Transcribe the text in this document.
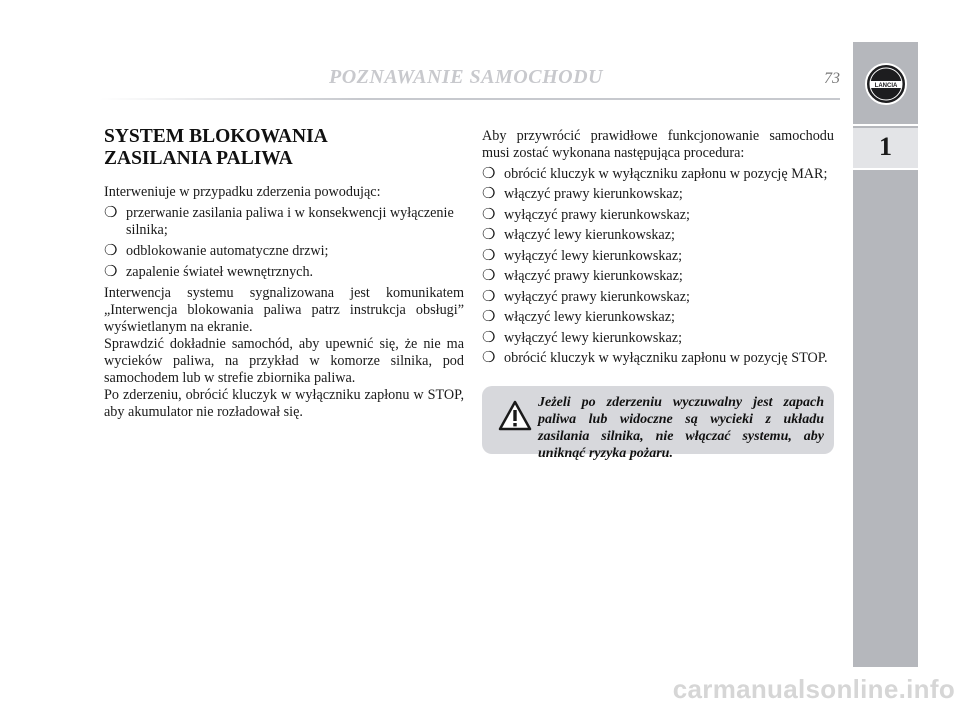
POZNAWANIE SAMOCHODU	73	LANCIA
1
SYSTEM BLOKOWANIA
ZASILANIA PALIWA
Interweniuje w przypadku zderzenia powodując:
❍ przerwanie zasilania paliwa i w konsekwencji wyłączenie silnika;
❍ odblokowanie automatyczne drzwi;
❍ zapalenie świateł wewnętrznych.
Interwencja systemu sygnalizowana jest komunikatem „Interwencja blokowania paliwa patrz instrukcja obsługi” wyświetlanym na ekranie.
Sprawdzić dokładnie samochód, aby upewnić się, że nie ma wycieków paliwa, na przykład w komorze silnika, pod samochodem lub w strefie zbiornika paliwa.
Po zderzeniu, obrócić kluczyk w wyłączniku zapłonu w STOP, aby akumulator nie rozładował się.
Aby przywrócić prawidłowe funkcjonowanie samochodu musi zostać wykonana następująca procedura:
❍ obrócić kluczyk w wyłączniku zapłonu w pozycję MAR;
❍ włączyć prawy kierunkowskaz;
❍ wyłączyć prawy kierunkowskaz;
❍ włączyć lewy kierunkowskaz;
❍ wyłączyć lewy kierunkowskaz;
❍ włączyć prawy kierunkowskaz;
❍ wyłączyć prawy kierunkowskaz;
❍ włączyć lewy kierunkowskaz;
❍ wyłączyć lewy kierunkowskaz;
❍ obrócić kluczyk w wyłączniku zapłonu w pozycję STOP.
Jeżeli po zderzeniu wyczuwalny jest zapach paliwa lub widoczne są wycieki z układu zasilania silnika, nie włączać systemu, aby uniknąć ryzyka pożaru.
carmanualsonline.info
